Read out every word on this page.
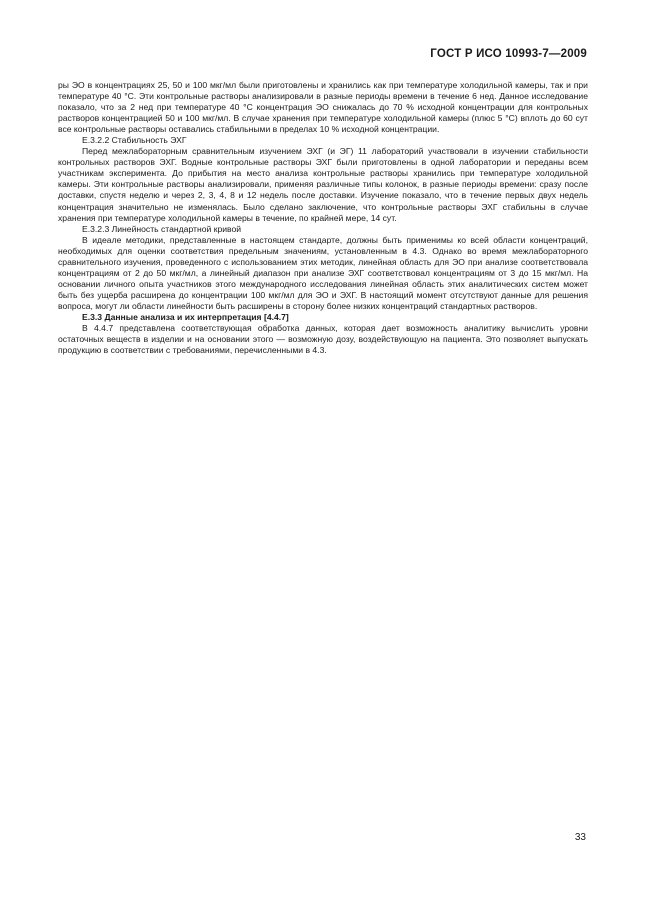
ГОСТ Р ИСО 10993-7—2009

ры ЭО в концентрациях 25, 50 и 100 мкг/мл были приготовлены и хранились как при температуре холодильной камеры, так и при температуре 40 °С. Эти контрольные растворы анализировали в разные периоды времени в течение 6 нед. Данное исследование показало, что за 2 нед при температуре 40 °С концентрация ЭО снижалась до 70 % исходной концентрации для контрольных растворов концентрацией 50 и 100 мкг/мл. В случае хранения при температуре холодильной камеры (плюс 5 °С) вплоть до 60 сут все контрольные растворы оставались стабильными в пределах 10 % исходной концентрации.

Е.3.2.2 Стабильность ЭХГ

Перед межлабораторным сравнительным изучением ЭХГ (и ЭГ) 11 лабораторий участвовали в изучении стабильности контрольных растворов ЭХГ. Водные контрольные растворы ЭХГ были приготовлены в одной лаборатории и переданы всем участникам эксперимента. До прибытия на место анализа контрольные растворы хранились при температуре холодильной камеры. Эти контрольные растворы анализировали, применяя различные типы колонок, в разные периоды времени: сразу после доставки, спустя неделю и через 2, 3, 4, 8 и 12 недель после доставки. Изучение показало, что в течение первых двух недель концентрация значительно не изменялась. Было сделано заключение, что контрольные растворы ЭХГ стабильны в случае хранения при температуре холодильной камеры в течение, по крайней мере, 14 сут.

Е.3.2.3 Линейность стандартной кривой

В идеале методики, представленные в настоящем стандарте, должны быть применимы ко всей области концентраций, необходимых для оценки соответствия предельным значениям, установленным в 4.3. Однако во время межлабораторного сравнительного изучения, проведенного с использованием этих методик, линейная область для ЭО при анализе соответствовала концентрациям от 2 до 50 мкг/мл, а линейный диапазон при анализе ЭХГ соответствовал концентрациям от 3 до 15 мкг/мл. На основании личного опыта участников этого международного исследования линейная область этих аналитических систем может быть без ущерба расширена до концентрации 100 мкг/мл для ЭО и ЭХГ. В настоящий момент отсутствуют данные для решения вопроса, могут ли области линейности быть расширены в сторону более низких концентраций стандартных растворов.

Е.3.3 Данные анализа и их интерпретация [4.4.7]

В 4.4.7 представлена соответствующая обработка данных, которая дает возможность аналитику вычислить уровни остаточных веществ в изделии и на основании этого — возможную дозу, воздействующую на пациента. Это позволяет выпускать продукцию в соответствии с требованиями, перечисленными в 4.3.

33
